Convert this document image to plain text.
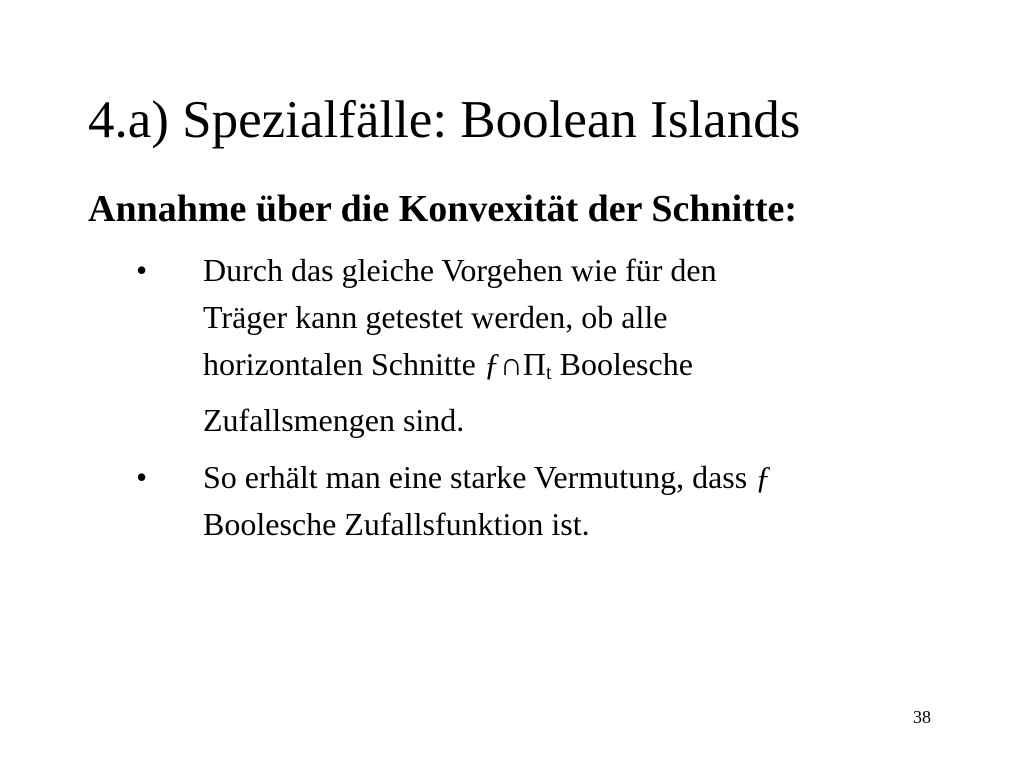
4.a) Spezialfälle: Boolean Islands
Annahme über die Konvexität der Schnitte:
• Durch das gleiche Vorgehen wie für den
Träger kann getestet werden, ob alle
horizontalen Schnitte $ƒ\cap\Pi_t$ Boolesche
Zufallsmengen sind.
• So erhält man eine starke Vermutung, dass ƒ
Boolesche Zufallsfunktion ist.
38
